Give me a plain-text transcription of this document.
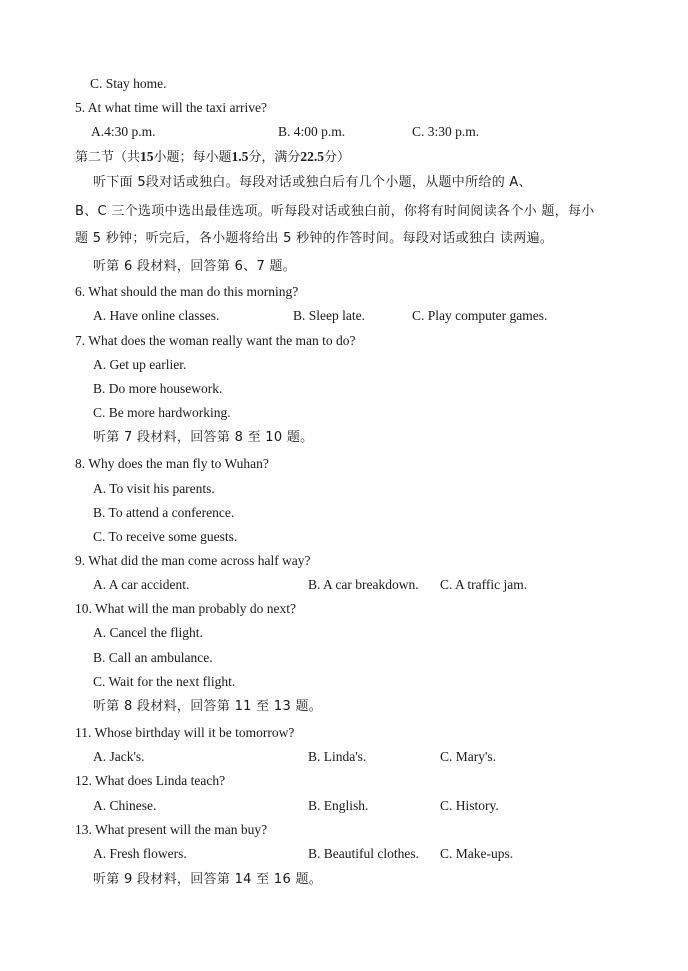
C. Stay home.
5. At what time will the taxi arrive?
A.4:30 p.m.	B. 4:00 p.m.	C. 3:30 p.m.
第二节（共15小题；每小题1.5分，满分22.5分）
听下面 5段对话或独白。每段对话或独白后有几个小题，从题中所给的 A、
B、C 三个选项中选出最佳选项。听每段对话或独白前，你将有时间阅读各个小 题，每小
题 5 秒钟；听完后，各小题将给出 5 秒钟的作答时间。每段对话或独白 读两遍。
听第 6 段材料，回答第 6、7 题。
6. What should the man do this morning?
A. Have online classes.	B. Sleep late.	C. Play computer games.
7. What does the woman really want the man to do?
A. Get up earlier.
B. Do more housework.
C. Be more hardworking.
听第 7 段材料，回答第 8 至 10 题。
8. Why does the man fly to Wuhan?
A. To visit his parents.
B. To attend a conference.
C. To receive some guests.
9. What did the man come across half way?
A. A car accident.	B. A car breakdown. C. A traffic jam.
10. What will the man probably do next?
A. Cancel the flight.
B. Call an ambulance.
C. Wait for the next flight.
听第 8 段材料，回答第 11 至 13 题。
11. Whose birthday will it be tomorrow?
A. Jack's.	B. Linda's.	C. Mary's.
12. What does Linda teach?
A. Chinese.	B. English.	C. History.
13. What present will the man buy?
A. Fresh flowers.	B. Beautiful clothes. C. Make-ups.
听第 9 段材料，回答第 14 至 16 题。
